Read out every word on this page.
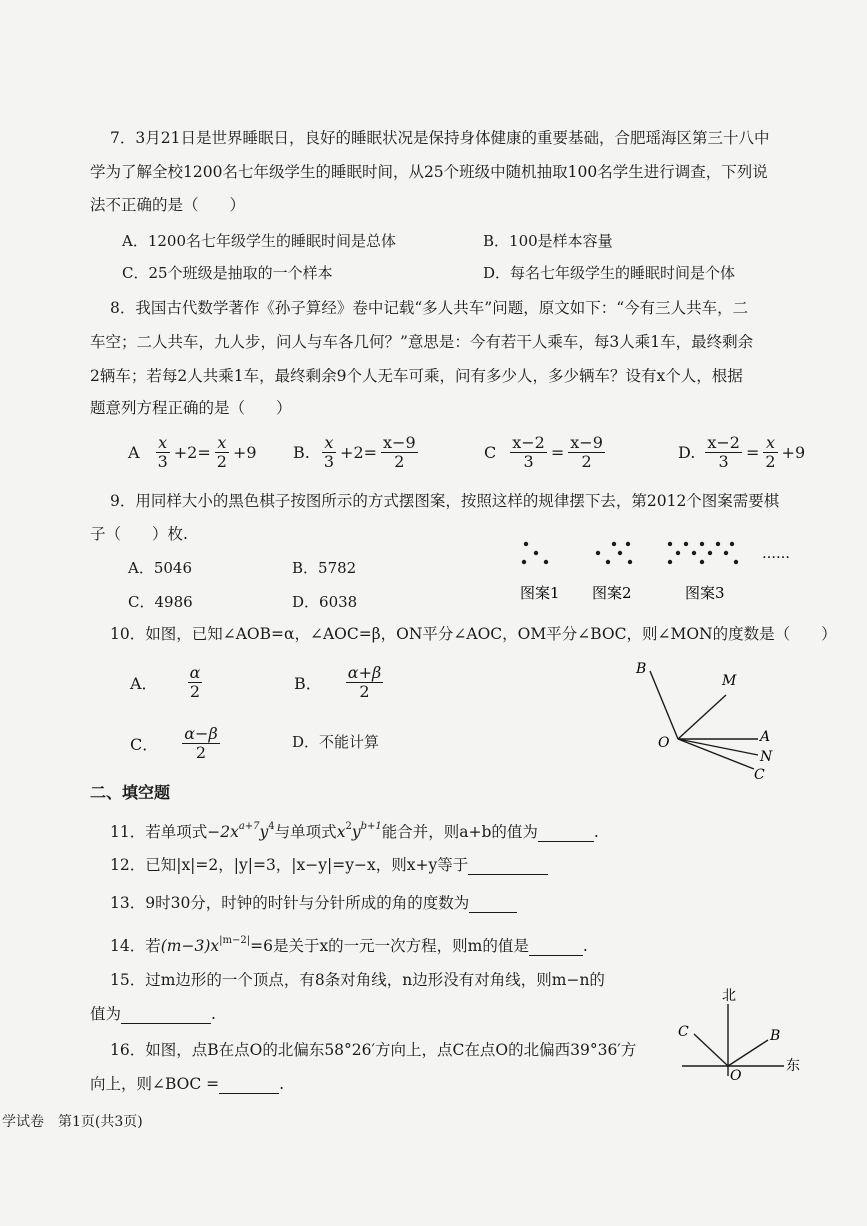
7．3月21日是世界睡眠日，良好的睡眠状况是保持身体健康的重要基础，合肥瑶海区第三十八中
学为了解全校1200名七年级学生的睡眠时间，从25个班级中随机抽取100名学生进行调查，下列说
法不正确的是（　　）
A．1200名七年级学生的睡眠时间是总体	B．100是样本容量
C．25个班级是抽取的一个样本	D．每名七年级学生的睡眠时间是个体
8．我国古代数学著作《孙子算经》卷中记载“多人共车”问题，原文如下：“今有三人共车，二
车空；二人共车，九人步，问人与车各几何？”意思是：今有若干人乘车，每3人乘1车，最终剩余
2辆车；若每2人共乘1车，最终剩余9个人无车可乘，问有多少人，多少辆车？设有x个人，根据
题意列方程正确的是（　　）
A $\frac{x}{3} +2= \frac{x}{2} +9$ B. $\frac{x}{3} +2= \frac{x-9}{2}$	C $\frac{x-2}{3} = \frac{x-9}{2}$	D. $\frac{x-2}{3} = \frac{x}{2} +9$
9．用同样大小的黑色棋子按图所示的方式摆图案，按照这样的规律摆下去，第2012个图案需要棋
子（　　）枚.
A．5046	B．5782
C．4986	D．6038
……
图案1 图案2	图案3
10．如图，已知∠AOB=α，∠AOC=β，ON平分∠AOC，OM平分∠BOC，则∠MON的度数是（　　）
A． $\frac{\alpha}{2}$	B． $\frac{\alpha+\beta}{2}$
C． $\frac{\alpha-\beta}{2}$	D．不能计算
B
M
O	A
N
C
二、填空题
11．若单项式$-2x^{a+7}y^4$与单项式$x^2y^{b+1}$能合并，则a+b的值为	.
12．已知|x|=2，|y|=3，|x−y|=y−x，则x+y等于
13．9时30分，时钟的时针与分针所成的角的度数为
14．若$(m-3)x^{|m-2|}=6$是关于x的一元一次方程，则m的值是	.
15．过m边形的一个顶点，有8条对角线，n边形没有对角线，则m−n的
值为	.
16．如图，点B在点O的北偏东58°26′方向上，点C在点O的北偏西39°36′方
向上，则∠BOC =	.
北
东
C	B
O
学试卷　第1页(共3页)
